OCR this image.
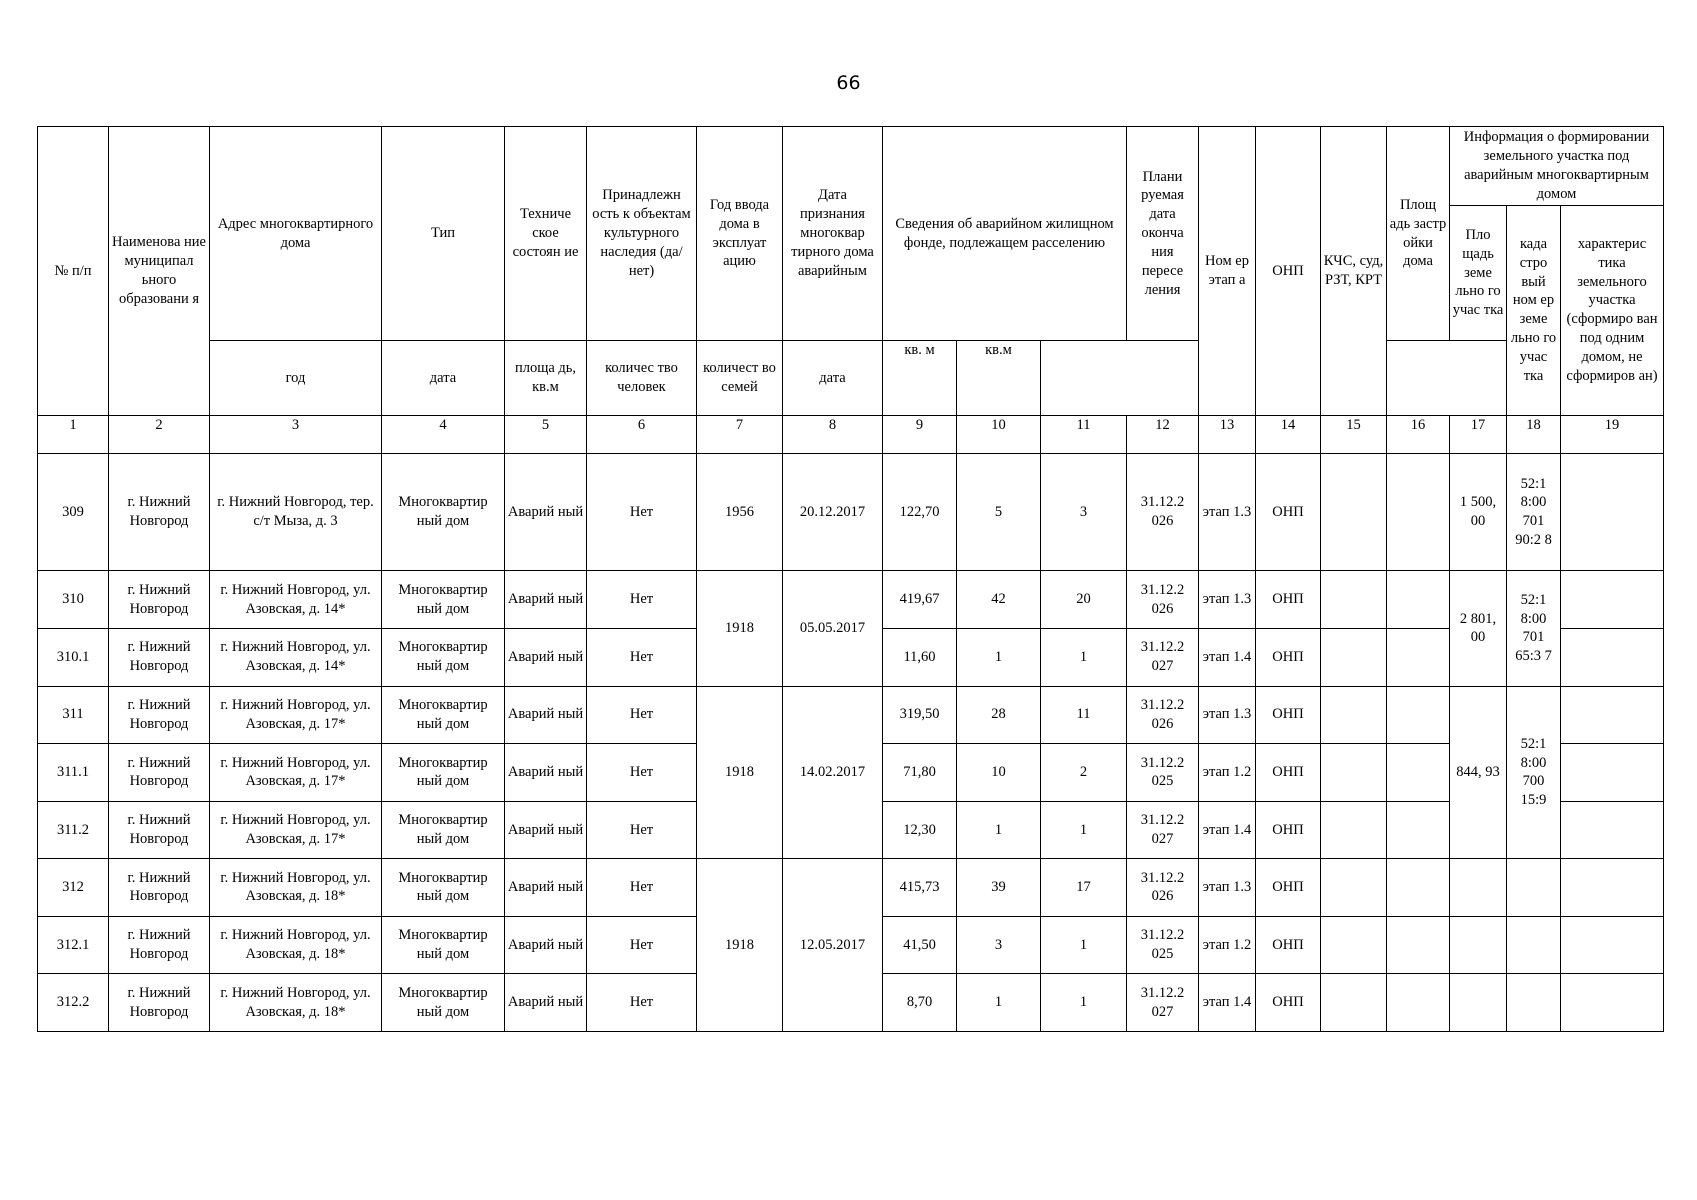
66
№ п/п	Наименова ние муниципал ьного образовани я	Адрес многоквартирного дома	Тип	Техниче ское состоян ие	Принадлежн ость к объектам культурного наследия (да/нет)	Год ввода дома в эксплуат ацию	Дата признания многоквар тирного дома аварийным	Сведения об аварийном жилищном фонде, подлежащем расселению			Плани руемая дата оконча ния пересе ления	Ном ер этап а	ОНП	КЧС, суд, РЗТ, КРТ	Площ адь застр ойки дома	Информация о формировании земельного участка под аварийным многоквартирным домом		
																Пло щадь земе льно го учас тка	када стро вый ном ер земе льно го учас тка	характерис тика земельного участка (сформиро ван под одним домом, не сформиров ан)
		год	дата	площа дь, кв.м	количес тво человек	количест во семей	дата	кв. м	кв.м									
1	2	3	4	5	6	7	8	9	10	11	12	13	14	15	16	17	18	19
309	г. Нижний Новгород	г. Нижний Новгород, тер. с/т Мыза, д. 3	Многоквартир ный дом	Аварий ный	Нет	1956	20.12.2017	122,70	5	3	31.12.2 026	этап 1.3	ОНП			1 500, 00	52:1 8:00 701 90:2 8	
310	г. Нижний Новгород	г. Нижний Новгород, ул. Азовская, д. 14*	Многоквартир ный дом	Аварий ный	Нет	1918	05.05.2017	419,67	42	20	31.12.2 026	этап 1.3	ОНП			2 801, 00	52:1 8:00 701 65:3 7	
310.1	г. Нижний Новгород	г. Нижний Новгород, ул. Азовская, д. 14*	Многоквартир ный дом	Аварий ный	Нет			11,60	1	1	31.12.2 027	этап 1.4	ОНП					
311	г. Нижний Новгород	г. Нижний Новгород, ул. Азовская, д. 17*	Многоквартир ный дом	Аварий ный	Нет	1918	14.02.2017	319,50	28	11	31.12.2 026	этап 1.3	ОНП			844, 93	52:1 8:00 700 15:9	
311.1	г. Нижний Новгород	г. Нижний Новгород, ул. Азовская, д. 17*	Многоквартир ный дом	Аварий ный	Нет			71,80	10	2	31.12.2 025	этап 1.2	ОНП					
311.2	г. Нижний Новгород	г. Нижний Новгород, ул. Азовская, д. 17*	Многоквартир ный дом	Аварий ный	Нет			12,30	1	1	31.12.2 027	этап 1.4	ОНП					
312	г. Нижний Новгород	г. Нижний Новгород, ул. Азовская, д. 18*	Многоквартир ный дом	Аварий ный	Нет	1918	12.05.2017	415,73	39	17	31.12.2 026	этап 1.3	ОНП					
312.1	г. Нижний Новгород	г. Нижний Новгород, ул. Азовская, д. 18*	Многоквартир ный дом	Аварий ный	Нет			41,50	3	1	31.12.2 025	этап 1.2	ОНП					
312.2	г. Нижний Новгород	г. Нижний Новгород, ул. Азовская, д. 18*	Многоквартир ный дом	Аварий ный	Нет			8,70	1	1	31.12.2 027	этап 1.4	ОНП					
